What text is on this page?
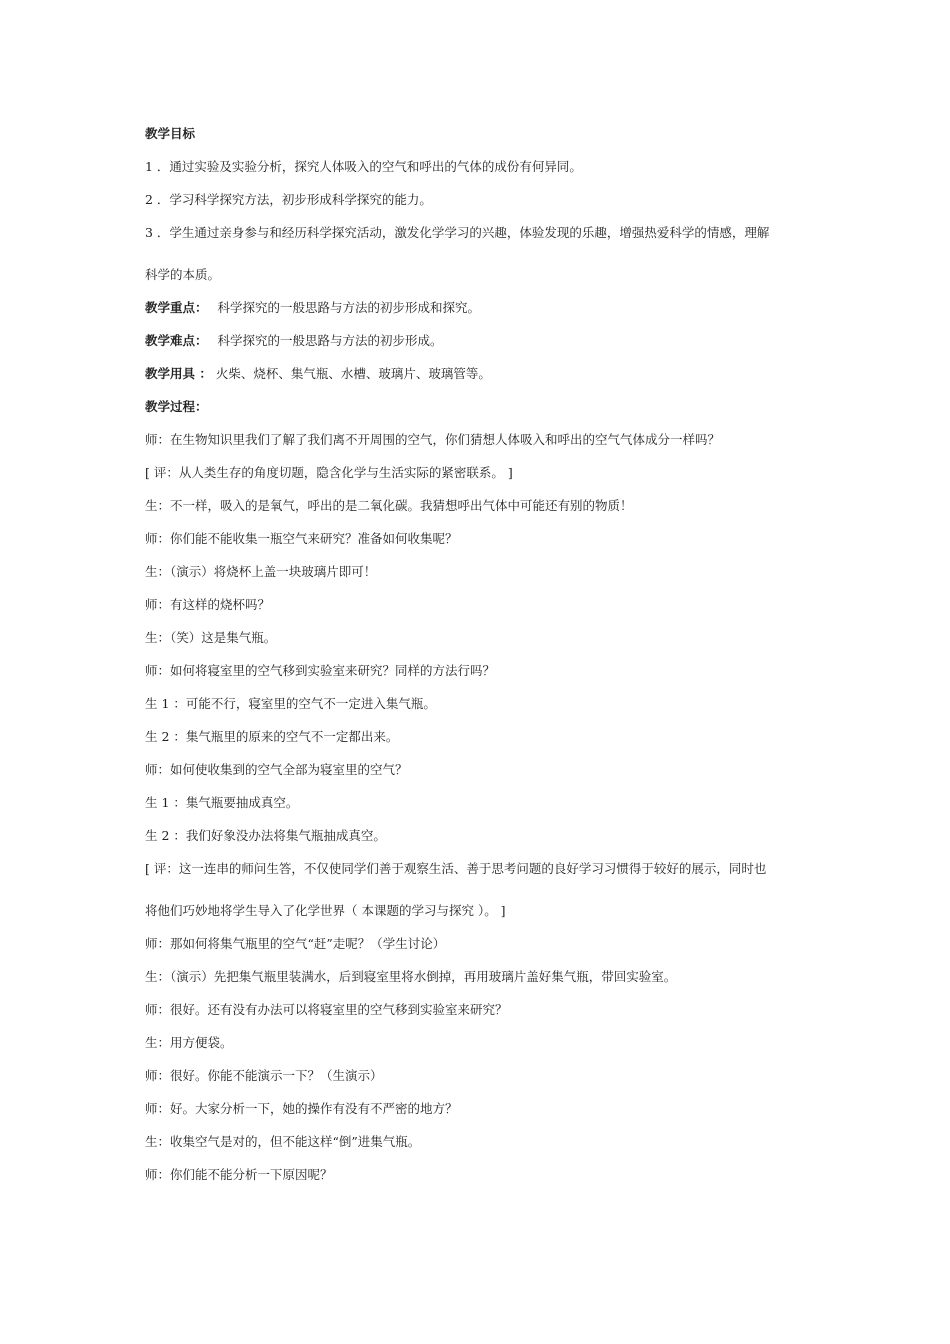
教学目标
1 ．通过实验及实验分析，探究人体吸入的空气和呼出的气体的成份有何异同。
2 ．学习科学探究方法，初步形成科学探究的能力。
3 ．学生通过亲身参与和经历科学探究活动，激发化学学习的兴趣，体验发现的乐趣，增强热爱科学的情感，理解
科学的本质。
教学重点： 科学探究的一般思路与方法的初步形成和探究。
教学难点： 科学探究的一般思路与方法的初步形成。
教学用具 ： 火柴、烧杯、集气瓶、水槽、玻璃片、玻璃管等。
教学过程：
师：在生物知识里我们了解了我们离不开周围的空气，你们猜想人体吸入和呼出的空气气体成分一样吗？
[ 评：从人类生存的角度切题，隐含化学与生活实际的紧密联系。 ]
生：不一样，吸入的是氧气，呼出的是二氧化碳。我猜想呼出气体中可能还有别的物质！
师：你们能不能收集一瓶空气来研究？准备如何收集呢？
生：（演示）将烧杯上盖一块玻璃片即可！
师：有这样的烧杯吗？
生：（笑）这是集气瓶。
师：如何将寝室里的空气移到实验室来研究？同样的方法行吗？
生 1 ：可能不行，寝室里的空气不一定进入集气瓶。
生 2 ：集气瓶里的原来的空气不一定都出来。
师：如何使收集到的空气全部为寝室里的空气？
生 1 ：集气瓶要抽成真空。
生 2 ：我们好象没办法将集气瓶抽成真空。
[ 评：这一连串的师问生答，不仅使同学们善于观察生活、善于思考问题的良好学习习惯得于较好的展示，同时也
将他们巧妙地将学生导入了化学世界（ 本课题的学习与探究 ）。 ]
师：那如何将集气瓶里的空气“赶”走呢？（学生讨论）
生：（演示）先把集气瓶里装满水，后到寝室里将水倒掉，再用玻璃片盖好集气瓶，带回实验室。
师：很好。还有没有办法可以将寝室里的空气移到实验室来研究？
生：用方便袋。
师：很好。你能不能演示一下？（生演示）
师：好。大家分析一下，她的操作有没有不严密的地方？
生：收集空气是对的，但不能这样“倒”进集气瓶。
师：你们能不能分析一下原因呢？
